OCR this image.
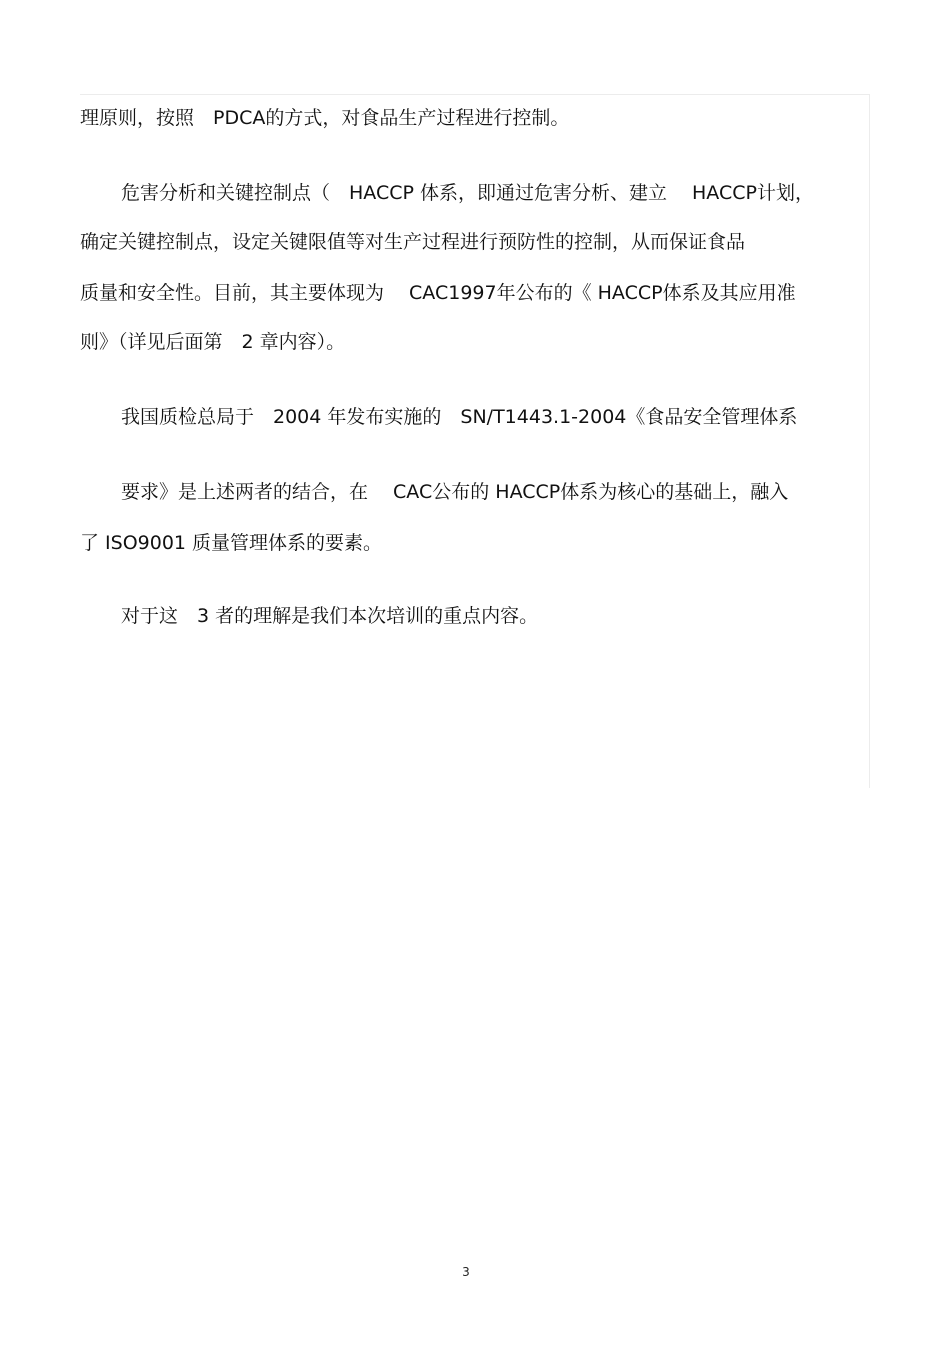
理原则，按照　PDCA的方式，对食品生产过程进行控制。

危害分析和关键控制点（　HACCP 体系，即通过危害分析、建立　 HACCP计划，

确定关键控制点，设定关键限值等对生产过程进行预防性的控制，从而保证食品

质量和安全性。目前，其主要体现为　 CAC1997年公布的《 HACCP体系及其应用准

则》（详见后面第　2 章内容）。

我国质检总局于　2004 年发布实施的　SN/T1443.1-2004《食品安全管理体系

要求》是上述两者的结合，在　 CAC公布的 HACCP体系为核心的基础上，融入

了 ISO9001 质量管理体系的要素。

对于这　3 者的理解是我们本次培训的重点内容。

3
